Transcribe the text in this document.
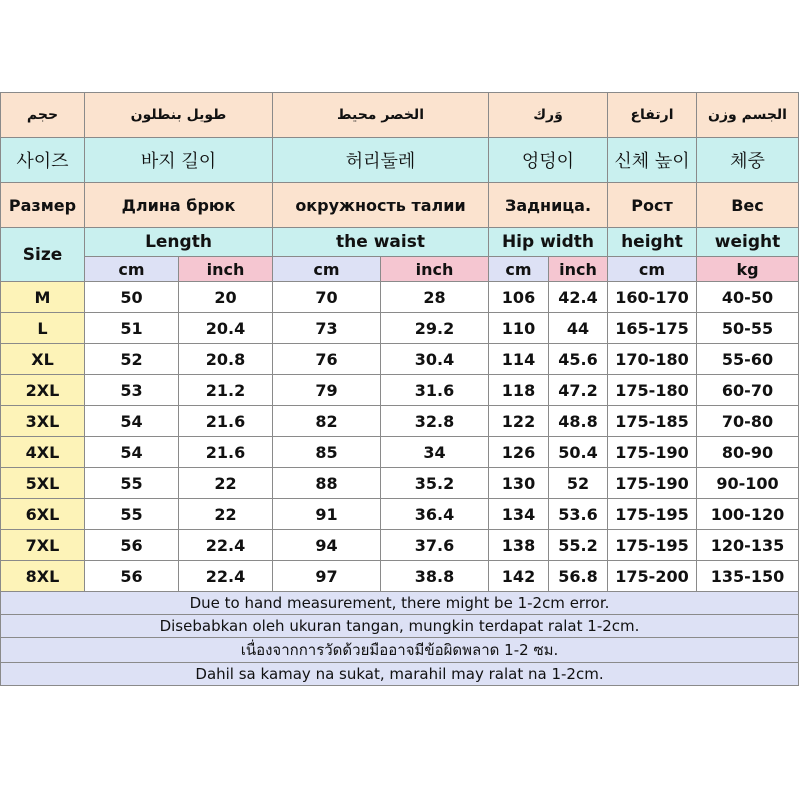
حجم	طويل بنطلون		الخصر محيط		وَرك		ارتفاع	الجسم وزن
사이즈	바지 길이		허리둘레		엉덩이		신체 높이	체중
Размер	Длина брюк		окружность талии		Задница.		Рост	Вес
Size	Length		the waist		Hip width		height	weight
	cm	inch	cm	inch	cm	inch	cm	kg
M	50	20	70	28	106	42.4	160-170	40-50
L	51	20.4	73	29.2	110	44	165-175	50-55
XL	52	20.8	76	30.4	114	45.6	170-180	55-60
2XL	53	21.2	79	31.6	118	47.2	175-180	60-70
3XL	54	21.6	82	32.8	122	48.8	175-185	70-80
4XL	54	21.6	85	34	126	50.4	175-190	80-90
5XL	55	22	88	35.2	130	52	175-190	90-100
6XL	55	22	91	36.4	134	53.6	175-195	100-120
7XL	56	22.4	94	37.6	138	55.2	175-195	120-135
8XL	56	22.4	97	38.8	142	56.8	175-200	135-150
Due to hand measurement, there might be 1-2cm error.								
Disebabkan oleh ukuran tangan, mungkin terdapat ralat 1-2cm.								
เนื่องจากการวัดด้วยมืออาจมีข้อผิดพลาด 1-2 ซม.								
Dahil sa kamay na sukat, marahil may ralat na 1-2cm.								
